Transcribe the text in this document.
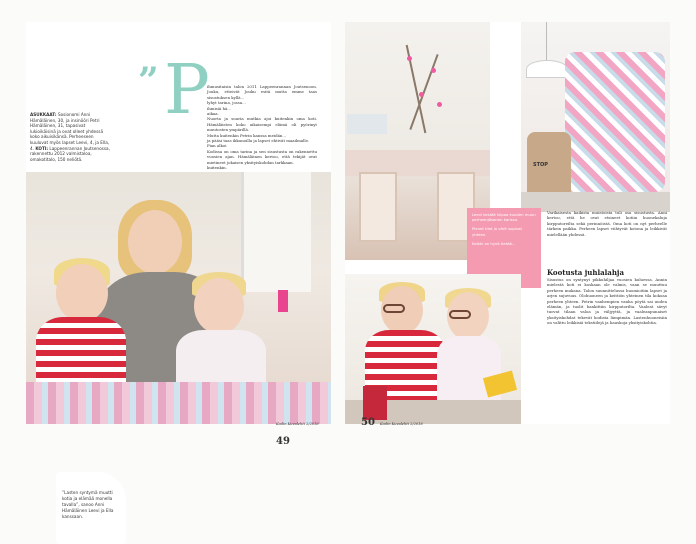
ASUKKAAT: Sosionomi Anni Hämäläinen, 30, ja insinööri Petri Hämäläinen, 31, tapasivat lukioikäisinä ja ovat olleet yhdessä koko aikuisikänsä. Perheeseen kuuluvat myös lapset Leevi, 4, ja Ella, 4. KOTI: Lappeenrannan Joutsenossa, rakennettu 2012 valmistaloa, omakotitalo, 150 neliötä.
” P

ihmusitaisin talon 2011 Lappeenrannan Joutsenoon. Jouku, etteivät Jouku esitä mutta emme taas sisustuksen kyllä...

lyhyt tarina, jossa...

ihmisiä hä...

aikaa.

Nuorta ja suuria mutkia ajoi kuitenkin oma koti. Hämäläisten koko aikaisempi elämä oli pyörinyt muutosten ympärillä.

Mutta kuitenkin Petrin kanssa meidän...

ja pääsi taas ikkunoilla ja lapset ehtivät maailmalle.

Pian alkoi

Kodissa on oma tarina ja sen sisustusta on rakennettu vuosien ajan. Hämäläinen kertoo, että tekijät ovat mietineet jokaisen yksityiskohdan tarkkaan.

kuitenkin.

”Lasten syntymä muutti kotia ja elämää monella tavalla”, sanoo Anni Hämäläinen Leevi ja Ella kanssaan.
Kodin Kuvalehti 2/2016 49
STOP

Leevi kestää kilpaa kuuden muun perheenjäsenen kanssa.

Pienet tilat ja värit sopivat yhteen.

Kaikki on hyvä tietää...

Varikaisesta kaikista muistoista tuli osa sisustusta. Anni kertoo, että he ovat etsineet kotiin huonekaluja kirpputoreilta sekä perinnöistä. Oma koti on nyt perheelle tärkein paikka. Perheen lapset viihtyvät kotona ja leikkivät mielellään yhdessä.
Kootusta juhlalahja
Sisustus on syntynyt pikkuhiljaa vuosien kuluessa. Annin mielestä koti ei koskaan ole valmis, vaan se muuttuu perheen mukana. Talon suunnittelussa huomioitiin lapset ja arjen sujuvuus. Olohuoneen ja keittiön yhteinen tila kokoaa perheen yhteen. Petrin vanhempien vanha pöytä sai uuden elämän, ja tuolit hankittiin kirpputorilta. Vaaleat sävyt tuovat tilaan valoa ja väljyyttä, ja vaaleanpunaiset yksityiskohdat tekevät kodista lämpimän. Lastenhuoneisiin on valittu leikkisiä tekstiilejä ja hauskoja yksityiskohtia.
50 Kodin Kuvalehti 2/2016
